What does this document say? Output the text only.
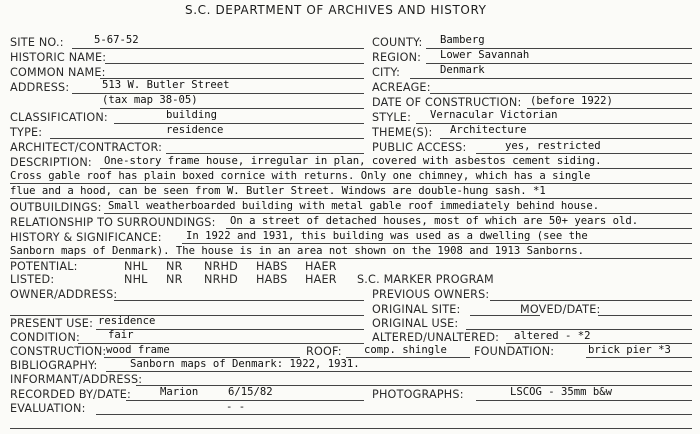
S.C. DEPARTMENT OF ARCHIVES AND HISTORY
SITE NO.:	5-67-52	COUNTY: Bamberg
HISTORIC NAME:	REGION: Lower Savannah
COMMON NAME:	CITY:	Denmark
ADDRESS:	513 W. Butler Street	ACREAGE:
(tax map 38-05)	DATE OF CONSTRUCTION: (before 1922)
CLASSIFICATION:	building	STYLE: Vernacular Victorian
TYPE:	residence	THEME(S): Architecture
ARCHITECT/CONTRACTOR:	PUBLIC ACCESS:	yes, restricted
DESCRIPTION: One-story frame house, irregular in plan, covered with asbestos cement siding.
Cross gable roof has plain boxed cornice with returns. Only one chimney, which has a single
flue and a hood, can be seen from W. Butler Street. Windows are double-hung sash. *1
OUTBUILDINGS: Small weatherboarded building with metal gable roof immediately behind house.
RELATIONSHIP TO SURROUNDINGS: On a street of detached houses, most of which are 50+ years old.
HISTORY & SIGNIFICANCE: In 1922 and 1931, this building was used as a dwelling (see the
Sanborn maps of Denmark). The house is in an area not shown on the 1908 and 1913 Sanborns.
POTENTIAL:	NHL NR NRHD HABS HAER
LISTED:	NHL NR NRHD HABS HAER S.C. MARKER PROGRAM
OWNER/ADDRESS:	PREVIOUS OWNERS:
ORIGINAL SITE:	MOVED/DATE:
PRESENT USE: residence	ORIGINAL USE:
CONDITION:	fair	ALTERED/UNALTERED: altered - *2
CONSTRUCTION: wood frame	ROOF: comp. shingle FOUNDATION:	brick pier *3
BIBLIOGRAPHY:	Sanborn maps of Denmark: 1922, 1931.
INFORMANT/ADDRESS:
RECORDED BY/DATE:	Marion	6/15/82	PHOTOGRAPHS:	LSCOG - 35mm b&w
EVALUATION:	- -
